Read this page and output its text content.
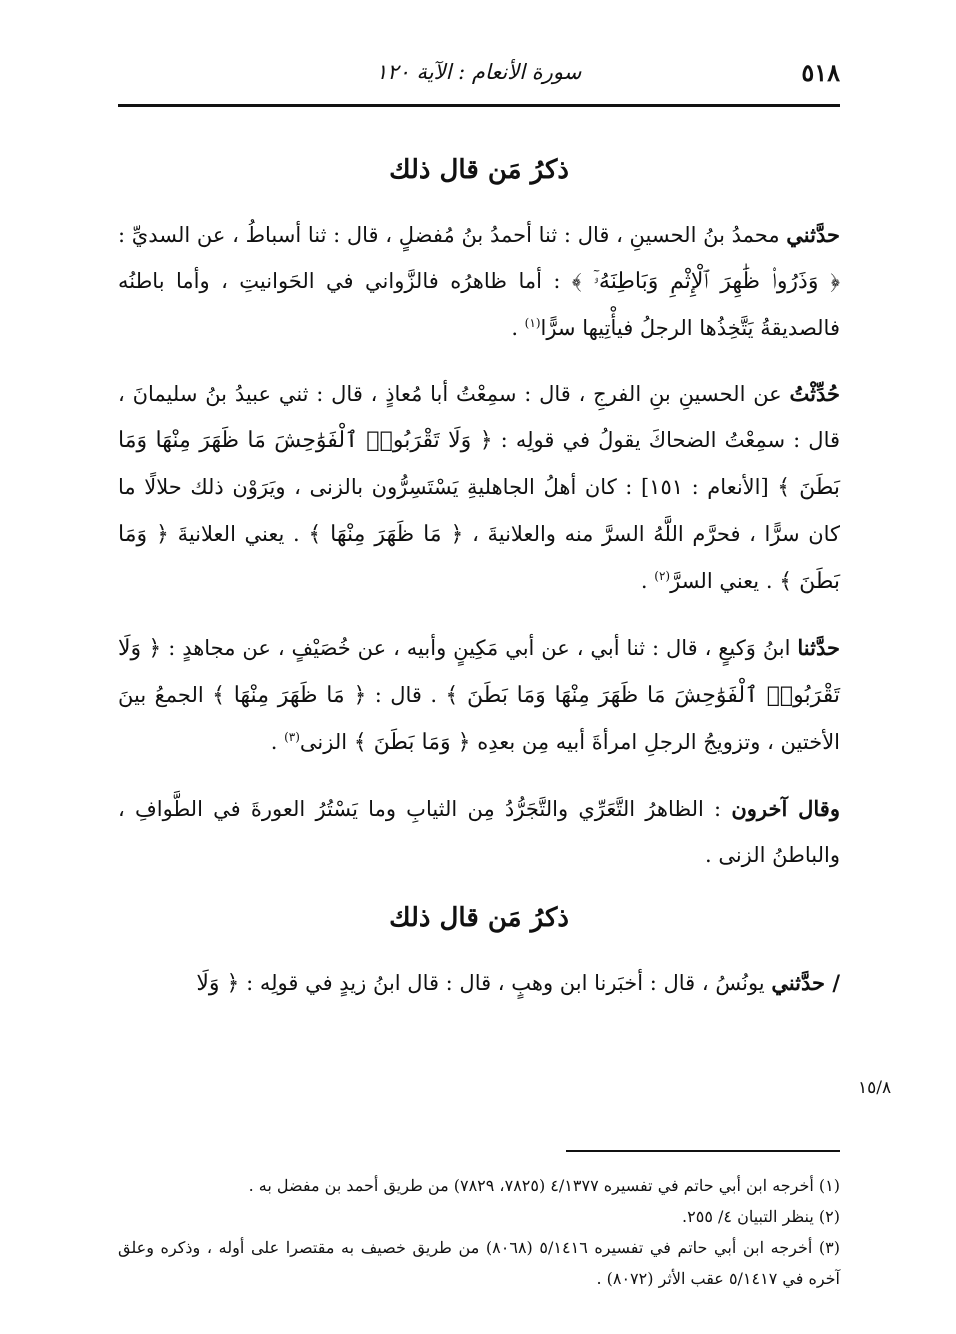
٥١٨
سورة الأنعام : الآية ١٢٠
ذكرُ مَن قال ذلك

حدَّثني محمدُ بنُ الحسينِ ، قال : ثنا أحمدُ بنُ مُفضلٍ ، قال : ثنا أسباطُ ، عن السديِّ : ﴿ وَذَرُوا۟ ظَٰهِرَ ٱلْإِثْمِ وَبَاطِنَهُۥٓ ﴾ : أما ظاهرُه فالزَّواني في الحَوانيتِ ، وأما باطنُه فالصديقةُ يَتَّخِذُها الرجلُ فيأْتِيها سرًّا$^{(١)}$ .

حُدِّثْتُ عن الحسينِ بنِ الفرجِ ، قال : سمِعْتُ أبا مُعاذٍ ، قال : ثني عبيدُ بنُ سليمانَ ، قال : سمِعْتُ الضحاكَ يقولُ في قولِه : ﴿ وَلَا تَقْرَبُوا۟ ٱلْفَوَٰحِشَ مَا ظَهَرَ مِنْهَا وَمَا بَطَنَ ﴾ [الأنعام : ١٥١] : كان أهلُ الجاهليةِ يَسْتَسِرُّون بالزنى ، ويَرَوْن ذلك حلالًا ما كان سرًّا ، فحرَّم اللَّهُ السرَّ منه والعلانيةَ ، ﴿ مَا ظَهَرَ مِنْهَا ﴾ . يعني العلانيةَ ﴿ وَمَا بَطَنَ ﴾ . يعني السرَّ$^{(٢)}$ .

حدَّثنا ابنُ وَكيعٍ ، قال : ثنا أبي ، عن أبي مَكِينٍ وأبيه ، عن خُصَيْفٍ ، عن مجاهدٍ : ﴿ وَلَا تَقْرَبُوا۟ ٱلْفَوَٰحِشَ مَا ظَهَرَ مِنْهَا وَمَا بَطَنَ ﴾ . قال : ﴿ مَا ظَهَرَ مِنْهَا ﴾ الجمعُ بينَ الأختين ، وتزويجُ الرجلِ امرأةَ أبيه مِن بعدِه ﴿ وَمَا بَطَنَ ﴾ الزنى$^{(٣)}$ .

وقال آخرون : الظاهرُ التَّعَرِّي والتَّجَرُّدُ مِن الثيابِ وما يَسْتُرُ العورةَ في الطَّوافِ ، والباطنُ الزنى .

ذكرُ مَن قال ذلك

/ حدَّثني يونُسُ ، قال : أخبَرنا ابن وهبٍ ، قال : قال ابنُ زيدٍ في قولِه : ﴿ وَلَا

١٥/٨

(١) أخرجه ابن أبي حاتم في تفسيره ٤/١٣٧٧ (٧٨٢٥، ٧٨٢٩) من طريق أحمد بن مفضل به .

(٢) ينظر التبيان ٤/ ٢٥٥.

(٣) أخرجه ابن أبي حاتم في تفسيره ٥/١٤١٦ (٨٠٦٨) من طريق خصيف به مقتصرا على أوله ، وذكره وعلق آخره في ٥/١٤١٧ عقب الأثر (٨٠٧٢) .
